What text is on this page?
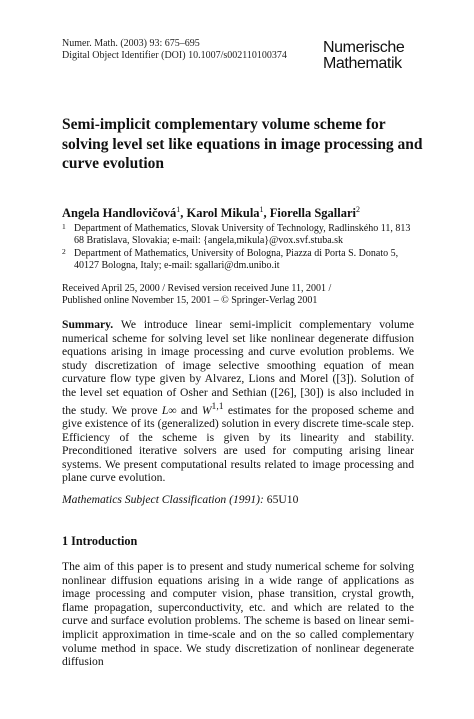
Numer. Math. (2003) 93: 675–695
Digital Object Identifier (DOI) 10.1007/s002110100374 Numerische
Mathematik
Semi-implicit complementary volume scheme for solving level set like equations in image processing and curve evolution
Angela Handlovičová$^1$, Karol Mikula$^1$, Fiorella Sgallari$^2$
1 Department of Mathematics, Slovak University of Technology, Radlinského 11, 813 68 Bratislava, Slovakia; e-mail: {angela,mikula}@vox.svf.stuba.sk
2 Department of Mathematics, University of Bologna, Piazza di Porta S. Donato 5, 40127 Bologna, Italy; e-mail: sgallari@dm.unibo.it
Received April 25, 2000 / Revised version received June 11, 2001 /
Published online November 15, 2001 – © Springer-Verlag 2001
Summary. We introduce linear semi-implicit complementary volume numerical scheme for solving level set like nonlinear degenerate diffusion equations arising in image processing and curve evolution problems. We study discretization of image selective smoothing equation of mean curvature flow type given by Alvarez, Lions and Morel ([3]). Solution of the level set equation of Osher and Sethian ([26], [30]) is also included in the study. We prove L∞ and W$^{1,1}$ estimates for the proposed scheme and give existence of its (generalized) solution in every discrete time-scale step. Efficiency of the scheme is given by its linearity and stability. Preconditioned iterative solvers are used for computing arising linear systems. We present computational results related to image processing and plane curve evolution.
Mathematics Subject Classification (1991): 65U10
1 Introduction
The aim of this paper is to present and study numerical scheme for solving nonlinear diffusion equations arising in a wide range of applications as image processing and computer vision, phase transition, crystal growth, flame propagation, superconductivity, etc. and which are related to the curve and surface evolution problems. The scheme is based on linear semi-implicit approximation in time-scale and on the so called complementary volume method in space. We study discretization of nonlinear degenerate diffusion
